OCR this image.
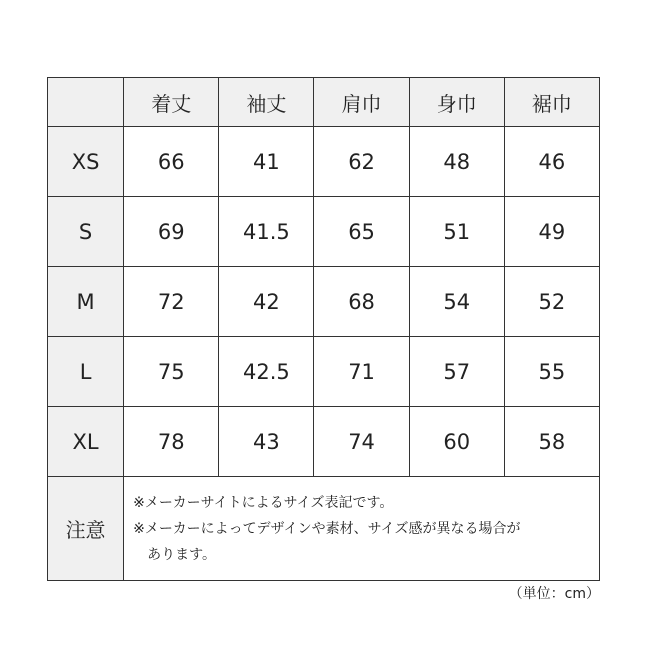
	着丈	袖丈	肩巾	身巾	裾巾
XS	66	41	62	48	46
S	69	41.5	65	51	49
M	72	42	68	54	52
L	75	42.5	71	57	55
XL	78	43	74	60	58
注意	※メーカーサイトによるサイズ表記です。
※メーカーによってデザインや素材、サイズ感が異なる場合が
あります。				
（単位：cm）
